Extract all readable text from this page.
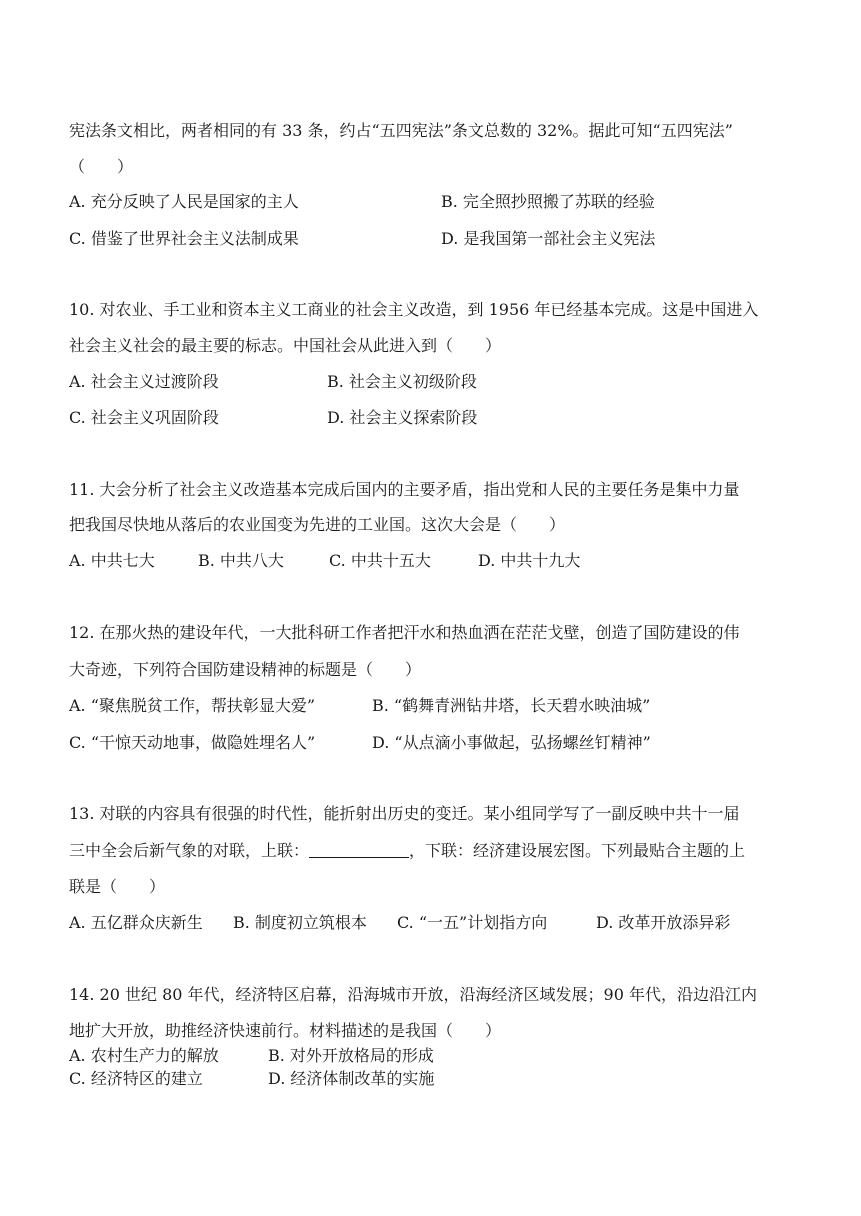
宪法条文相比，两者相同的有 33 条，约占“五四宪法”条文总数的 32%。据此可知“五四宪法”
（　　）
A. 充分反映了人民是国家的主人	B. 完全照抄照搬了苏联的经验
C. 借鉴了世界社会主义法制成果	D. 是我国第一部社会主义宪法
10. 对农业、手工业和资本主义工商业的社会主义改造，到 1956 年已经基本完成。这是中国进入
社会主义社会的最主要的标志。中国社会从此进入到（　　）
A. 社会主义过渡阶段	B. 社会主义初级阶段
C. 社会主义巩固阶段	D. 社会主义探索阶段
11. 大会分析了社会主义改造基本完成后国内的主要矛盾，指出党和人民的主要任务是集中力量
把我国尽快地从落后的农业国变为先进的工业国。这次大会是（　　）
A. 中共七大	B. 中共八大	C. 中共十五大	D. 中共十九大
12. 在那火热的建设年代，一大批科研工作者把汗水和热血洒在茫茫戈壁，创造了国防建设的伟
大奇迹，下列符合国防建设精神的标题是（　　）
A. “聚焦脱贫工作，帮扶彰显大爱”	B. “鹤舞青洲钻井塔，长天碧水映油城”
C. “干惊天动地事，做隐姓埋名人”	D. “从点滴小事做起，弘扬螺丝钉精神”
13. 对联的内容具有很强的时代性，能折射出历史的变迁。某小组同学写了一副反映中共十一届
三中全会后新气象的对联，上联：	，下联：经济建设展宏图。下列最贴合主题的上
联是（　　）
A. 五亿群众庆新生 B. 制度初立筑根本 C. “一五”计划指方向	D. 改革开放添异彩
14. 20 世纪 80 年代，经济特区启幕，沿海城市开放，沿海经济区域发展；90 年代，沿边沿江内
地扩大开放，助推经济快速前行。材料描述的是我国（　　）
A. 农村生产力的解放	B. 对外开放格局的形成
C. 经济特区的建立	D. 经济体制改革的实施
